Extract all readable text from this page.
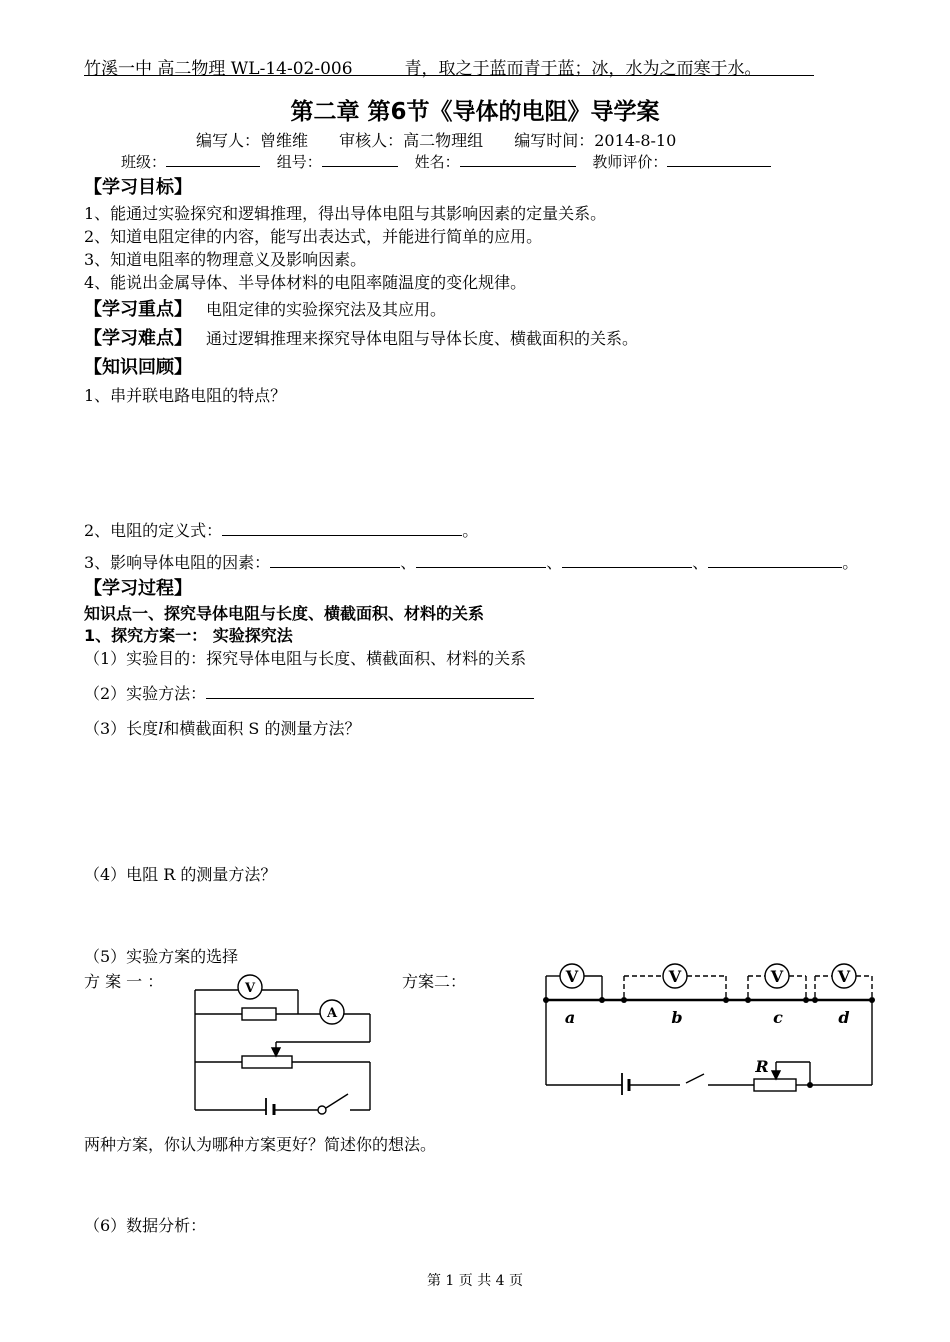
竹溪一中 高二物理 WL-14-02-006	青，取之于蓝而青于蓝；冰，水为之而寒于水。
第二章 第6节《导体的电阻》导学案
编写人：曾维维 审核人：高二物理组 编写时间：2014-8-10
班级：	组号：	姓名：	教师评价：
【学习目标】
1、能通过实验探究和逻辑推理，得出导体电阻与其影响因素的定量关系。
2、知道电阻定律的内容，能写出表达式，并能进行简单的应用。
3、知道电阻率的物理意义及影响因素。
4、能说出金属导体、半导体材料的电阻率随温度的变化规律。
【学习重点】 电阻定律的实验探究法及其应用。
【学习难点】 通过逻辑推理来探究导体电阻与导体长度、横截面积的关系。
【知识回顾】
1、串并联电路电阻的特点？
2、电阻的定义式：	。
3、影响导体电阻的因素：	、	、	、	。
【学习过程】
知识点一、探究导体电阻与长度、横截面积、材料的关系
1、探究方案一： 实验探究法
（1）实验目的：探究导体电阻与长度、横截面积、材料的关系
（2）实验方法：
（3）长度l和横截面积 S 的测量方法？
（4）电阻 R 的测量方法？
（5）实验方案的选择
方 案 一 ：	方案二：
V
A
V	V	V	V
a	b	c	d
R
两种方案，你认为哪种方案更好？简述你的想法。
（6）数据分析：
第 1 页 共 4 页
